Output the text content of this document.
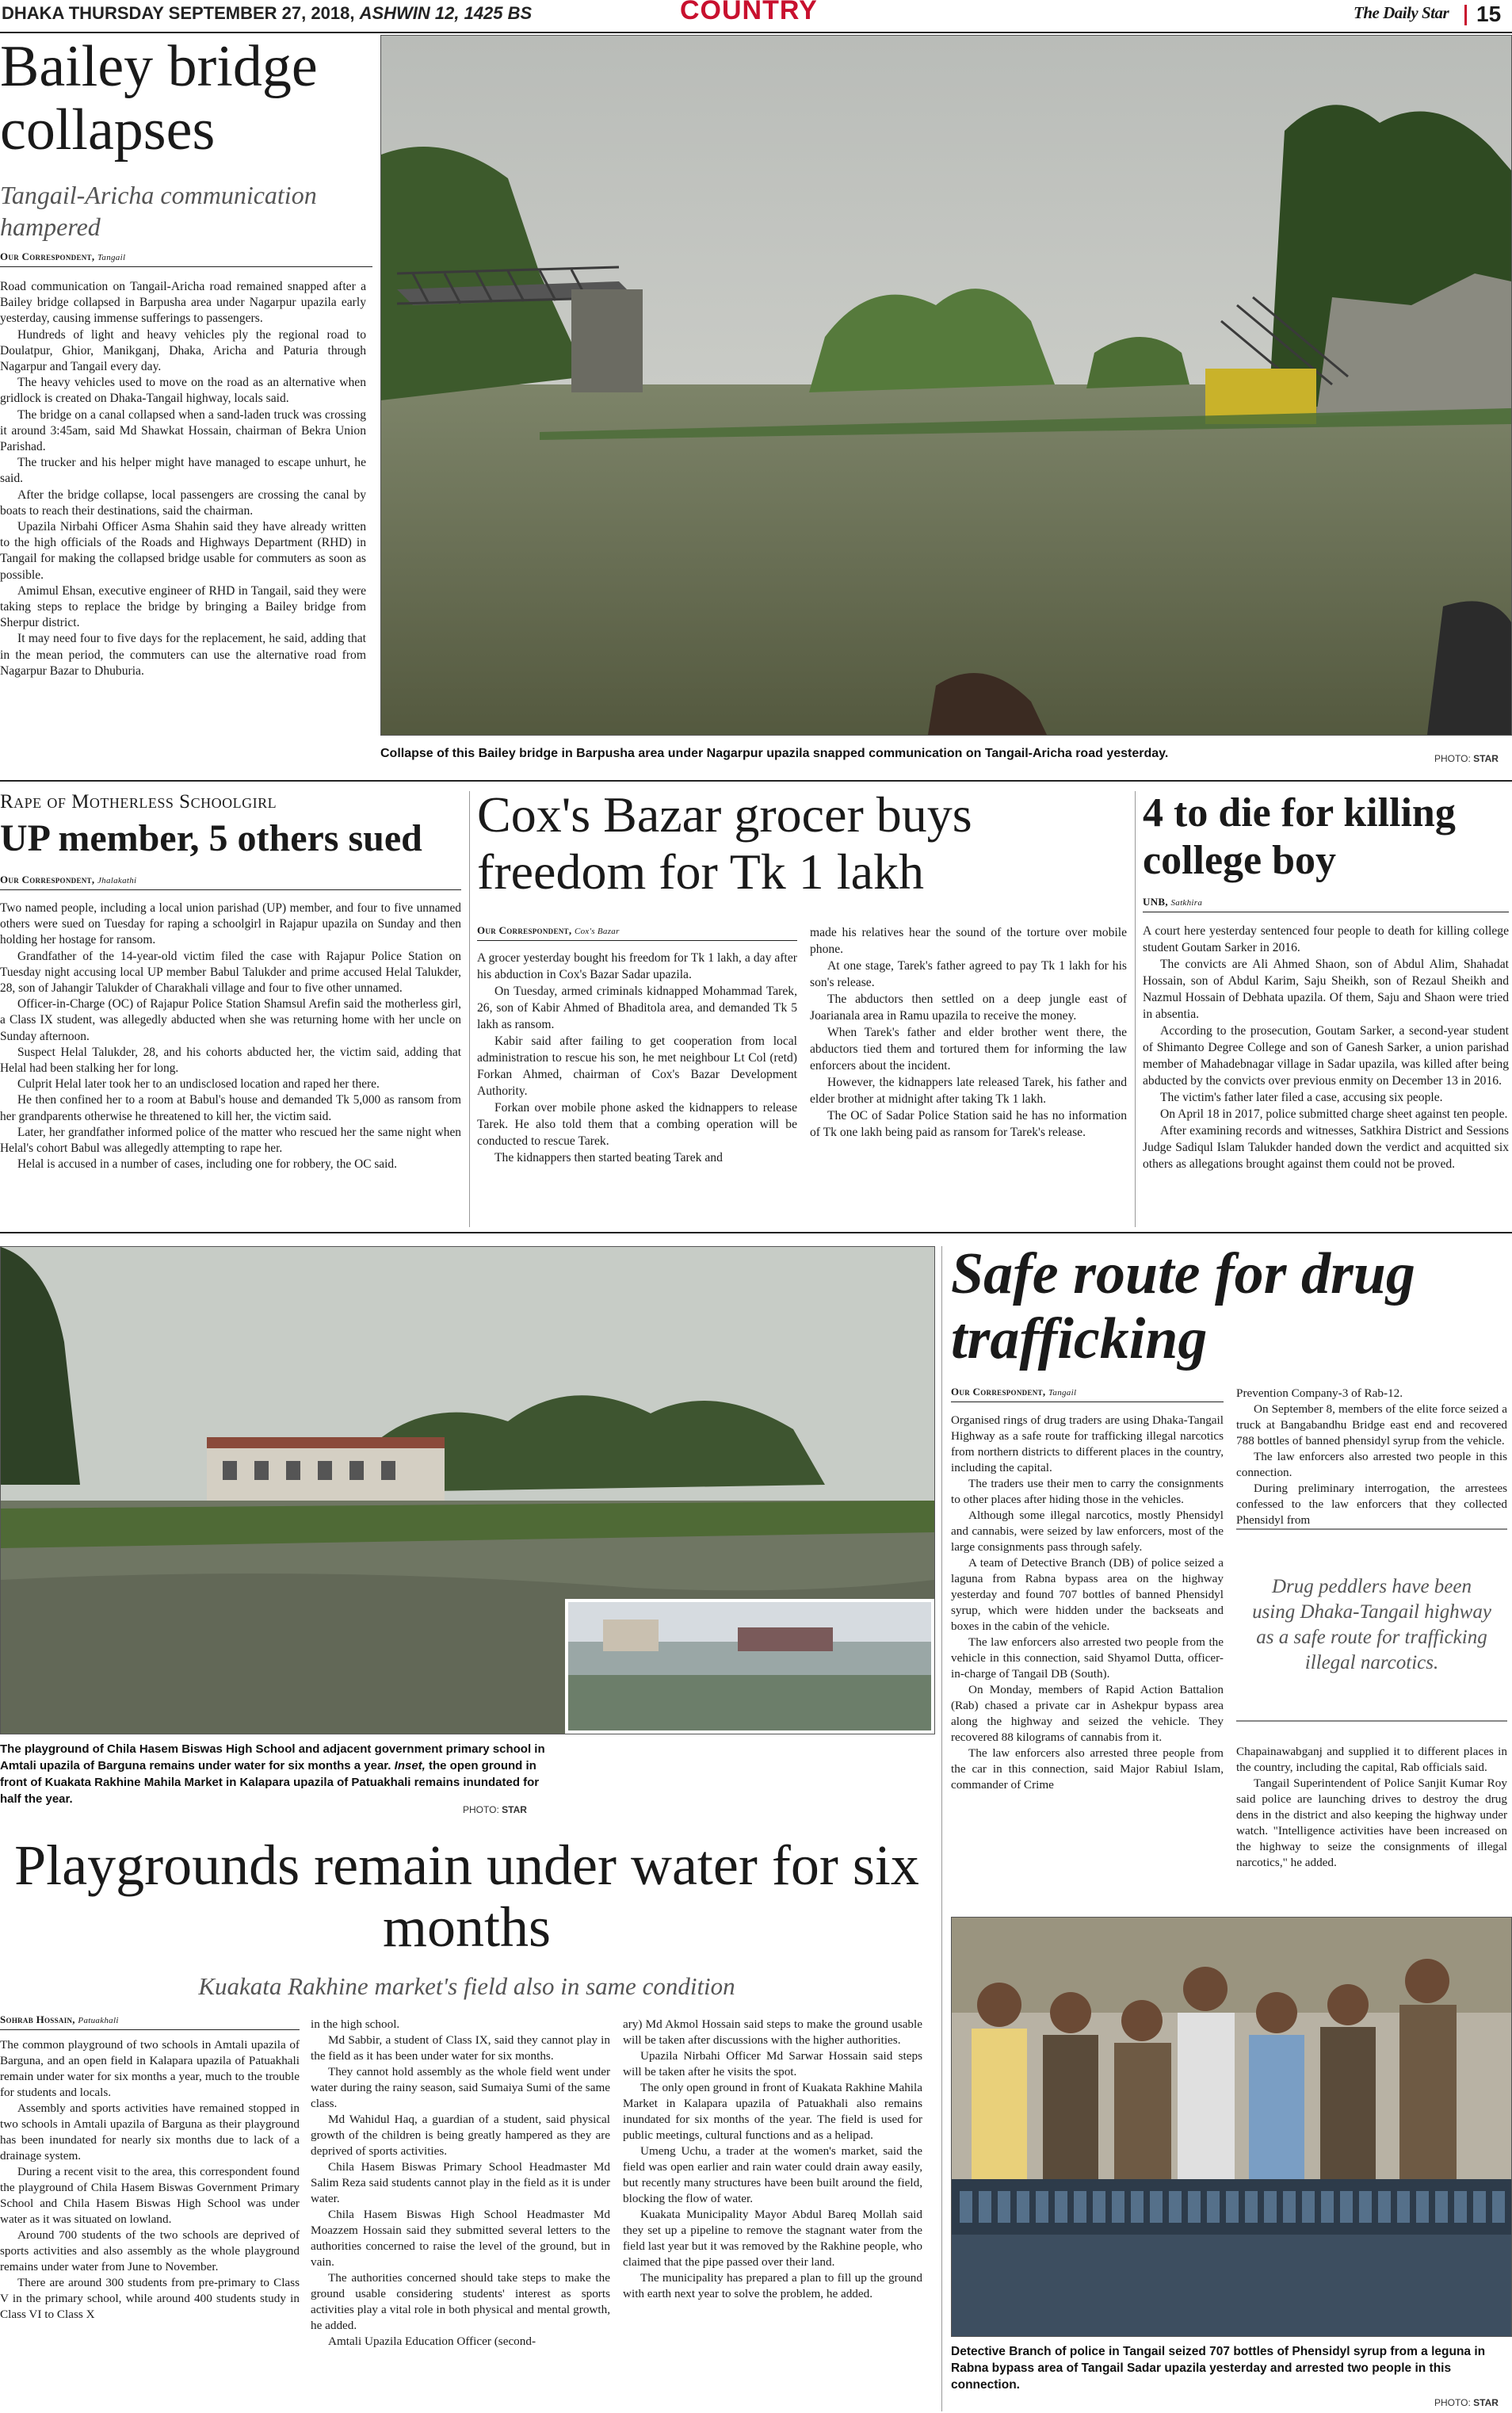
DHAKA THURSDAY SEPTEMBER 27, 2018, ASHWIN 12, 1425 BS	COUNTRY	The Daily Star 15
Bailey bridge collapses
Tangail-Aricha communication hampered
Our Correspondent, Tangail

Road communication on Tangail-Aricha road remained snapped after a Bailey bridge collapsed in Barpusha area under Nagarpur upazila early yesterday, causing immense sufferings to passengers.

Hundreds of light and heavy vehicles ply the regional road to Doulatpur, Ghior, Manikganj, Dhaka, Aricha and Paturia through Nagarpur and Tangail every day.

The heavy vehicles used to move on the road as an alternative when gridlock is created on Dhaka-Tangail highway, locals said.

The bridge on a canal collapsed when a sand-laden truck was crossing it around 3:45am, said Md Shawkat Hossain, chairman of Bekra Union Parishad.

The trucker and his helper might have managed to escape unhurt, he said.

After the bridge collapse, local passengers are crossing the canal by boats to reach their destinations, said the chairman.

Upazila Nirbahi Officer Asma Shahin said they have already written to the high officials of the Roads and Highways Department (RHD) in Tangail for making the collapsed bridge usable for commuters as soon as possible.

Amimul Ehsan, executive engineer of RHD in Tangail, said they were taking steps to replace the bridge by bringing a Bailey bridge from Sherpur district.

It may need four to five days for the replacement, he said, adding that in the mean period, the commuters can use the alternative road from Nagarpur Bazar to Dhuburia.

Collapse of this Bailey bridge in Barpusha area under Nagarpur upazila snapped communication on Tangail-Aricha road yesterday.	PHOTO: STAR
Rape of Motherless Schoolgirl
UP member, 5 others sued
Our Correspondent, Jhalakathi

Two named people, including a local union parishad (UP) member, and four to five unnamed others were sued on Tuesday for raping a schoolgirl in Rajapur upazila on Sunday and then holding her hostage for ransom.

Grandfather of the 14-year-old victim filed the case with Rajapur Police Station on Tuesday night accusing local UP member Babul Talukder and prime accused Helal Talukder, 28, son of Jahangir Talukder of Charakhali village and four to five other unnamed.

Officer-in-Charge (OC) of Rajapur Police Station Shamsul Arefin said the motherless girl, a Class IX student, was allegedly abducted when she was returning home with her uncle on Sunday afternoon.

Suspect Helal Talukder, 28, and his cohorts abducted her, the victim said, adding that Helal had been stalking her for long.

Culprit Helal later took her to an undisclosed location and raped her there.

He then confined her to a room at Babul's house and demanded Tk 5,000 as ransom from her grandparents otherwise he threatened to kill her, the victim said.

Later, her grandfather informed police of the matter who rescued her the same night when Helal's cohort Babul was allegedly attempting to rape her.

Helal is accused in a number of cases, including one for robbery, the OC said.

Cox's Bazar grocer buys freedom for Tk 1 lakh
Our Correspondent, Cox's Bazar

A grocer yesterday bought his freedom for Tk 1 lakh, a day after his abduction in Cox's Bazar Sadar upazila.

On Tuesday, armed criminals kidnapped Mohammad Tarek, 26, son of Kabir Ahmed of Bhaditola area, and demanded Tk 5 lakh as ransom.

Kabir said after failing to get cooperation from local administration to rescue his son, he met neighbour Lt Col (retd) Forkan Ahmed, chairman of Cox's Bazar Development Authority.

Forkan over mobile phone asked the kidnappers to release Tarek. He also told them that a combing operation will be conducted to rescue Tarek.

The kidnappers then started beating Tarek and

made his relatives hear the sound of the torture over mobile phone.

At one stage, Tarek's father agreed to pay Tk 1 lakh for his son's release.

The abductors then settled on a deep jungle east of Joarianala area in Ramu upazila to receive the money.

When Tarek's father and elder brother went there, the abductors tied them and tortured them for informing the law enforcers about the incident.

However, the kidnappers late released Tarek, his father and elder brother at midnight after taking Tk 1 lakh.

The OC of Sadar Police Station said he has no information of Tk one lakh being paid as ransom for Tarek's release.

4 to die for killing college boy
UNB, Satkhira

A court here yesterday sentenced four people to death for killing college student Goutam Sarker in 2016.

The convicts are Ali Ahmed Shaon, son of Abdul Alim, Shahadat Hossain, son of Abdul Karim, Saju Sheikh, son of Rezaul Sheikh and Nazmul Hossain of Debhata upazila. Of them, Saju and Shaon were tried in absentia.

According to the prosecution, Goutam Sarker, a second-year student of Shimanto Degree College and son of Ganesh Sarker, a union parishad member of Mahadebnagar village in Sadar upazila, was killed after being abducted by the convicts over previous enmity on December 13 in 2016.

The victim's father later filed a case, accusing six people.

On April 18 in 2017, police submitted charge sheet against ten people.

After examining records and witnesses, Satkhira District and Sessions Judge Sadiqul Islam Talukder handed down the verdict and acquitted six others as allegations brought against them could not be proved.

The playground of Chila Hasem Biswas High School and adjacent government primary school in Amtali upazila of Barguna remains under water for six months a year. Inset, the open ground in front of Kuakata Rakhine Mahila Market in Kalapara upazila of Patuakhali remains inundated for half the year.
PHOTO: STAR
Playgrounds remain under water for six months
Kuakata Rakhine market's field also in same condition
Sohrab Hossain, Patuakhali

The common playground of two schools in Amtali upazila of Barguna, and an open field in Kalapara upazila of Patuakhali remain under water for six months a year, much to the trouble for students and locals.

Assembly and sports activities have remained stopped in two schools in Amtali upazila of Barguna as their playground has been inundated for nearly six months due to lack of a drainage system.

During a recent visit to the area, this correspondent found the playground of Chila Hasem Biswas Government Primary School and Chila Hasem Biswas High School was under water as it was situated on lowland.

Around 700 students of the two schools are deprived of sports activities and also assembly as the whole playground remains under water from June to November.

There are around 300 students from pre-primary to Class V in the primary school, while around 400 students study in Class VI to Class X

in the high school.

Md Sabbir, a student of Class IX, said they cannot play in the field as it has been under water for six months.

They cannot hold assembly as the whole field went under water during the rainy season, said Sumaiya Sumi of the same class.

Md Wahidul Haq, a guardian of a student, said physical growth of the children is being greatly hampered as they are deprived of sports activities.

Chila Hasem Biswas Primary School Headmaster Md Salim Reza said students cannot play in the field as it is under water.

Chila Hasem Biswas High School Headmaster Md Moazzem Hossain said they submitted several letters to the authorities concerned to raise the level of the ground, but in vain.

The authorities concerned should take steps to make the ground usable considering students' interest as sports activities play a vital role in both physical and mental growth, he added.

Amtali Upazila Education Officer (second-

ary) Md Akmol Hossain said steps to make the ground usable will be taken after discussions with the higher authorities.

Upazila Nirbahi Officer Md Sarwar Hossain said steps will be taken after he visits the spot.

The only open ground in front of Kuakata Rakhine Mahila Market in Kalapara upazila of Patuakhali also remains inundated for six months of the year. The field is used for public meetings, cultural functions and as a helipad.

Umeng Uchu, a trader at the women's market, said the field was open earlier and rain water could drain away easily, but recently many structures have been built around the field, blocking the flow of water.

Kuakata Municipality Mayor Abdul Bareq Mollah said they set up a pipeline to remove the stagnant water from the field last year but it was removed by the Rakhine people, who claimed that the pipe passed over their land.

The municipality has prepared a plan to fill up the ground with earth next year to solve the problem, he added.

Safe route for drug trafficking
Our Correspondent, Tangail

Organised rings of drug traders are using Dhaka-Tangail Highway as a safe route for trafficking illegal narcotics from northern districts to different places in the country, including the capital.

The traders use their men to carry the consignments to other places after hiding those in the vehicles.

Although some illegal narcotics, mostly Phensidyl and cannabis, were seized by law enforcers, most of the large consignments pass through safely.

A team of Detective Branch (DB) of police seized a laguna from Rabna bypass area on the highway yesterday and found 707 bottles of banned Phensidyl syrup, which were hidden under the backseats and boxes in the cabin of the vehicle.

The law enforcers also arrested two people from the vehicle in this connection, said Shyamol Dutta, officer-in-charge of Tangail DB (South).

On Monday, members of Rapid Action Battalion (Rab) chased a private car in Ashekpur bypass area along the highway and seized the vehicle. They recovered 88 kilograms of cannabis from it.

The law enforcers also arrested three people from the car in this connection, said Major Rabiul Islam, commander of Crime

Prevention Company-3 of Rab-12.

On September 8, members of the elite force seized a truck at Bangabandhu Bridge east end and recovered 788 bottles of banned phensidyl syrup from the vehicle.

The law enforcers also arrested two people in this connection.

During preliminary interrogation, the arrestees confessed to the law enforcers that they collected Phensidyl from

Drug peddlers have been using Dhaka-Tangail highway as a safe route for trafficking illegal narcotics.

Chapainawabganj and supplied it to different places in the country, including the capital, Rab officials said.

Tangail Superintendent of Police Sanjit Kumar Roy said police are launching drives to destroy the drug dens in the district and also keeping the highway under watch. "Intelligence activities have been increased on the highway to seize the consignments of illegal narcotics," he added.

Detective Branch of police in Tangail seized 707 bottles of Phensidyl syrup from a leguna in Rabna bypass area of Tangail Sadar upazila yesterday and arrested two people in this connection.
PHOTO: STAR
